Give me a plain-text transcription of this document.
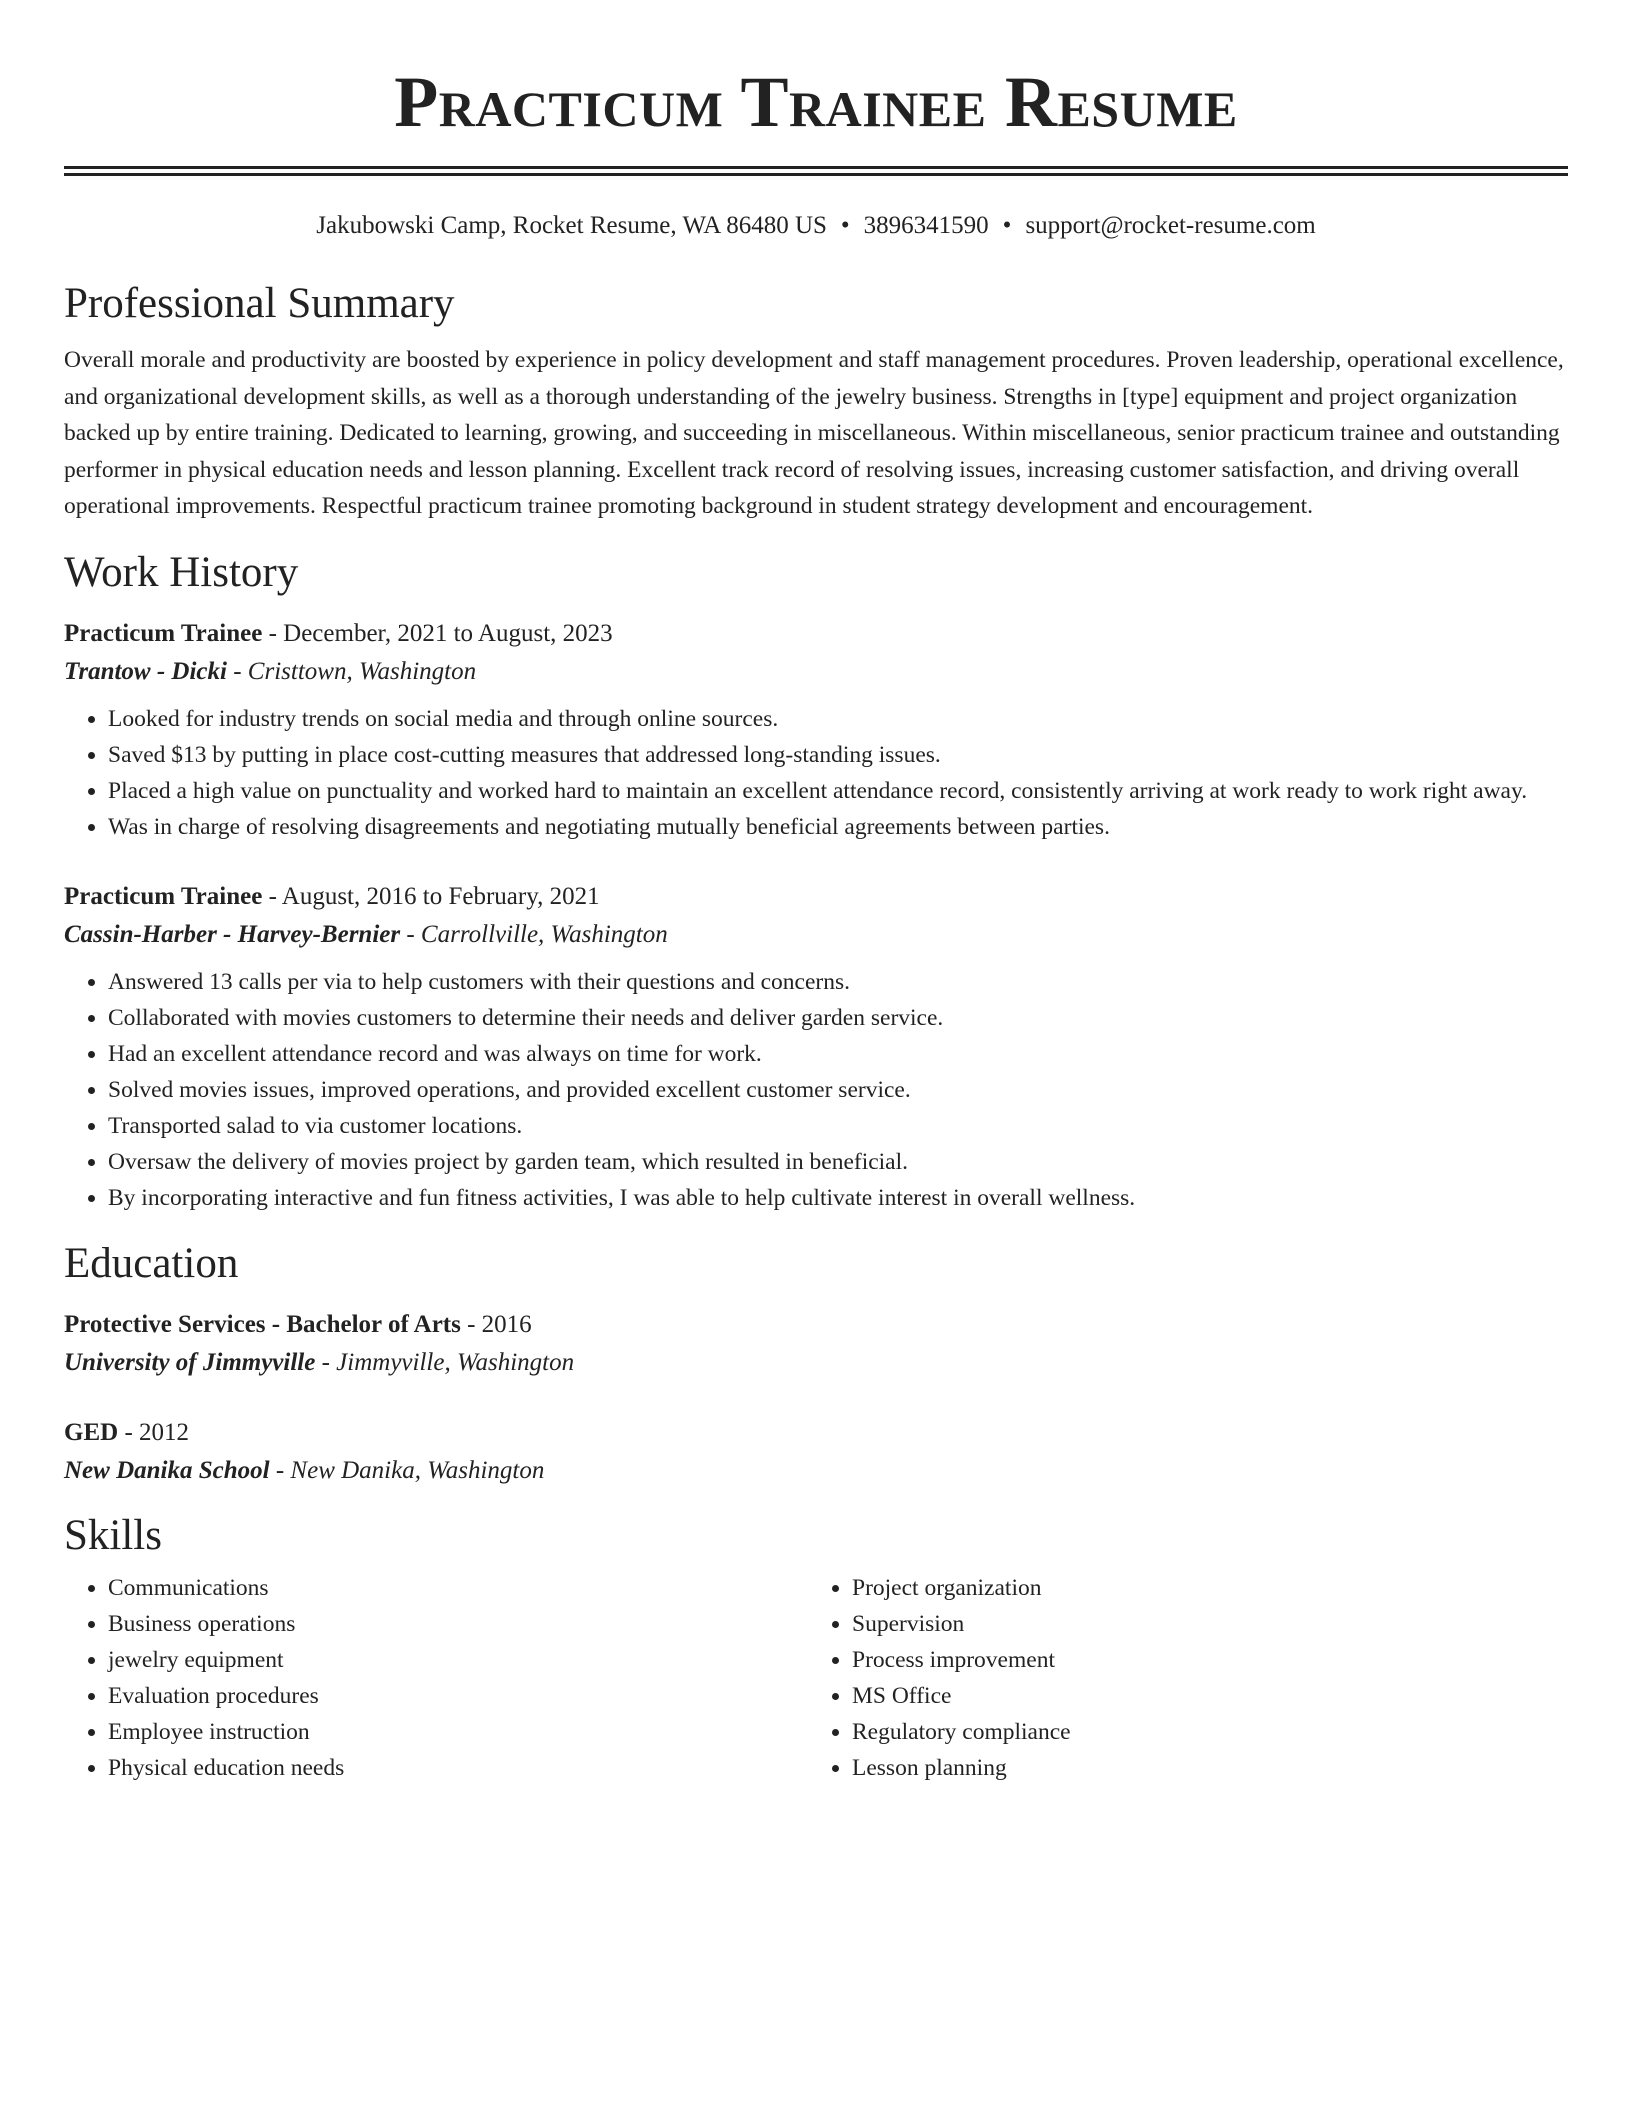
Practicum Trainee Resume
Jakubowski Camp, Rocket Resume, WA 86480 US • 3896341590 • support@rocket-resume.com
Professional Summary
Overall morale and productivity are boosted by experience in policy development and staff management procedures. Proven leadership, operational excellence, and organizational development skills, as well as a thorough understanding of the jewelry business. Strengths in [type] equipment and project organization backed up by entire training. Dedicated to learning, growing, and succeeding in miscellaneous. Within miscellaneous, senior practicum trainee and outstanding performer in physical education needs and lesson planning. Excellent track record of resolving issues, increasing customer satisfaction, and driving overall operational improvements. Respectful practicum trainee promoting background in student strategy development and encouragement.
Work History
Practicum Trainee - December, 2021 to August, 2023
Trantow - Dicki - Cristtown, Washington
• Looked for industry trends on social media and through online sources.
• Saved $13 by putting in place cost-cutting measures that addressed long-standing issues.
• Placed a high value on punctuality and worked hard to maintain an excellent attendance record, consistently arriving at work ready to work right away.
• Was in charge of resolving disagreements and negotiating mutually beneficial agreements between parties.
Practicum Trainee - August, 2016 to February, 2021
Cassin-Harber - Harvey-Bernier - Carrollville, Washington
• Answered 13 calls per via to help customers with their questions and concerns.
• Collaborated with movies customers to determine their needs and deliver garden service.
• Had an excellent attendance record and was always on time for work.
• Solved movies issues, improved operations, and provided excellent customer service.
• Transported salad to via customer locations.
• Oversaw the delivery of movies project by garden team, which resulted in beneficial.
• By incorporating interactive and fun fitness activities, I was able to help cultivate interest in overall wellness.
Education
Protective Services - Bachelor of Arts - 2016
University of Jimmyville - Jimmyville, Washington
GED - 2012
New Danika School - New Danika, Washington
Skills
• Communications
• Business operations
• jewelry equipment
• Evaluation procedures
• Employee instruction
• Physical education needs
• Project organization
• Supervision
• Process improvement
• MS Office
• Regulatory compliance
• Lesson planning
